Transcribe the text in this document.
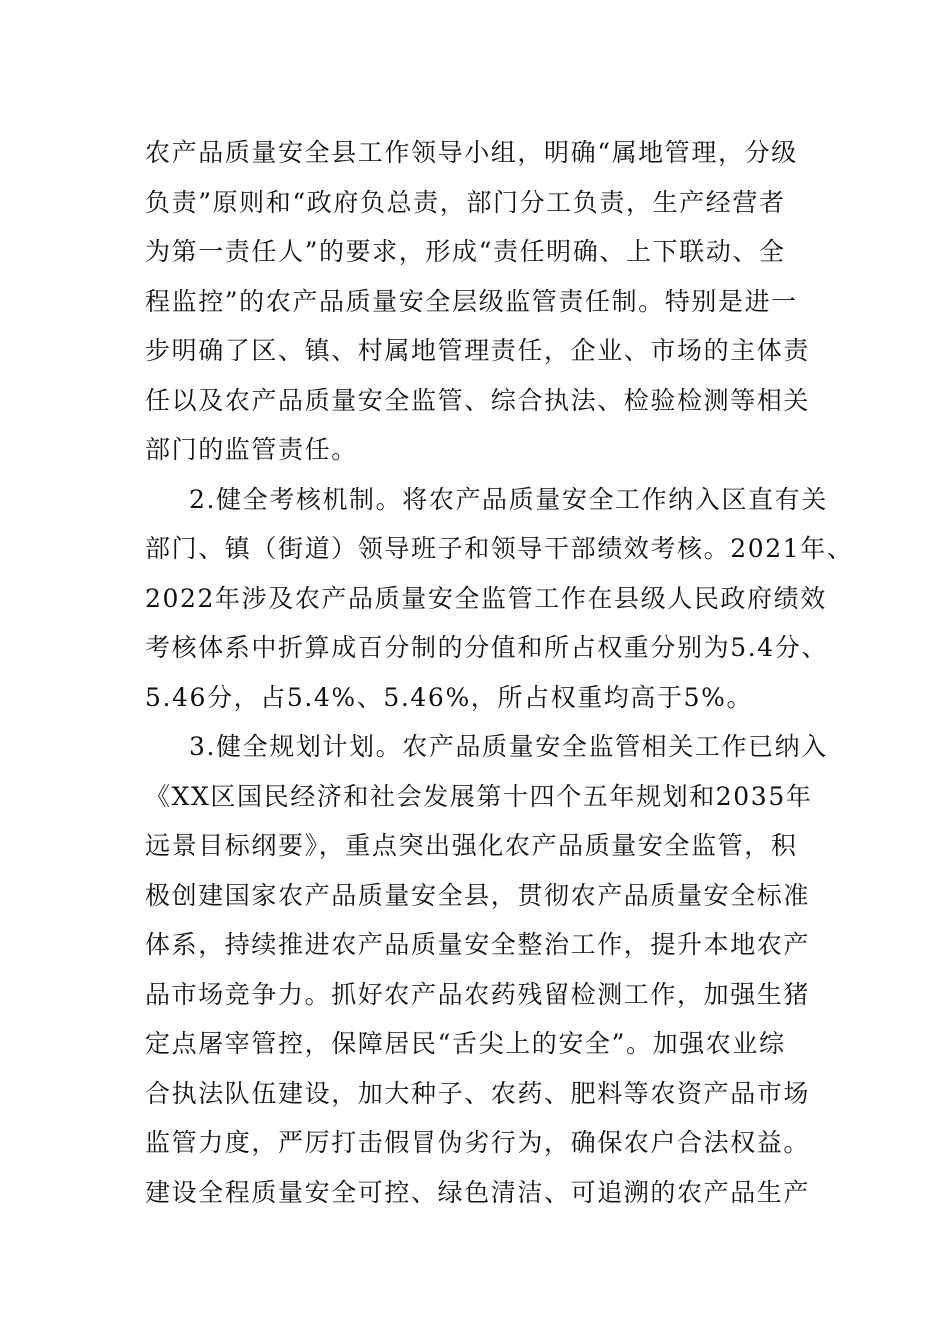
农产品质量安全县工作领导小组，明确“属地管理，分级
负责”原则和“政府负总责，部门分工负责，生产经营者
为第一责任人”的要求，形成“责任明确、上下联动、全
程监控”的农产品质量安全层级监管责任制。特别是进一
步明确了区、镇、村属地管理责任，企业、市场的主体责
任以及农产品质量安全监管、综合执法、检验检测等相关
部门的监管责任。
2.健全考核机制。将农产品质量安全工作纳入区直有关
部门、镇（街道）领导班子和领导干部绩效考核。2021年、
2022年涉及农产品质量安全监管工作在县级人民政府绩效
考核体系中折算成百分制的分值和所占权重分别为5.4分、
5.46分，占5.4%、5.46%，所占权重均高于5%。
3.健全规划计划。农产品质量安全监管相关工作已纳入
《XX区国民经济和社会发展第十四个五年规划和2035年
远景目标纲要》，重点突出强化农产品质量安全监管，积
极创建国家农产品质量安全县，贯彻农产品质量安全标准
体系，持续推进农产品质量安全整治工作，提升本地农产
品市场竞争力。抓好农产品农药残留检测工作，加强生猪
定点屠宰管控，保障居民“舌尖上的安全”。加强农业综
合执法队伍建设，加大种子、农药、肥料等农资产品市场
监管力度，严厉打击假冒伪劣行为，确保农户合法权益。
建设全程质量安全可控、绿色清洁、可追溯的农产品生产
